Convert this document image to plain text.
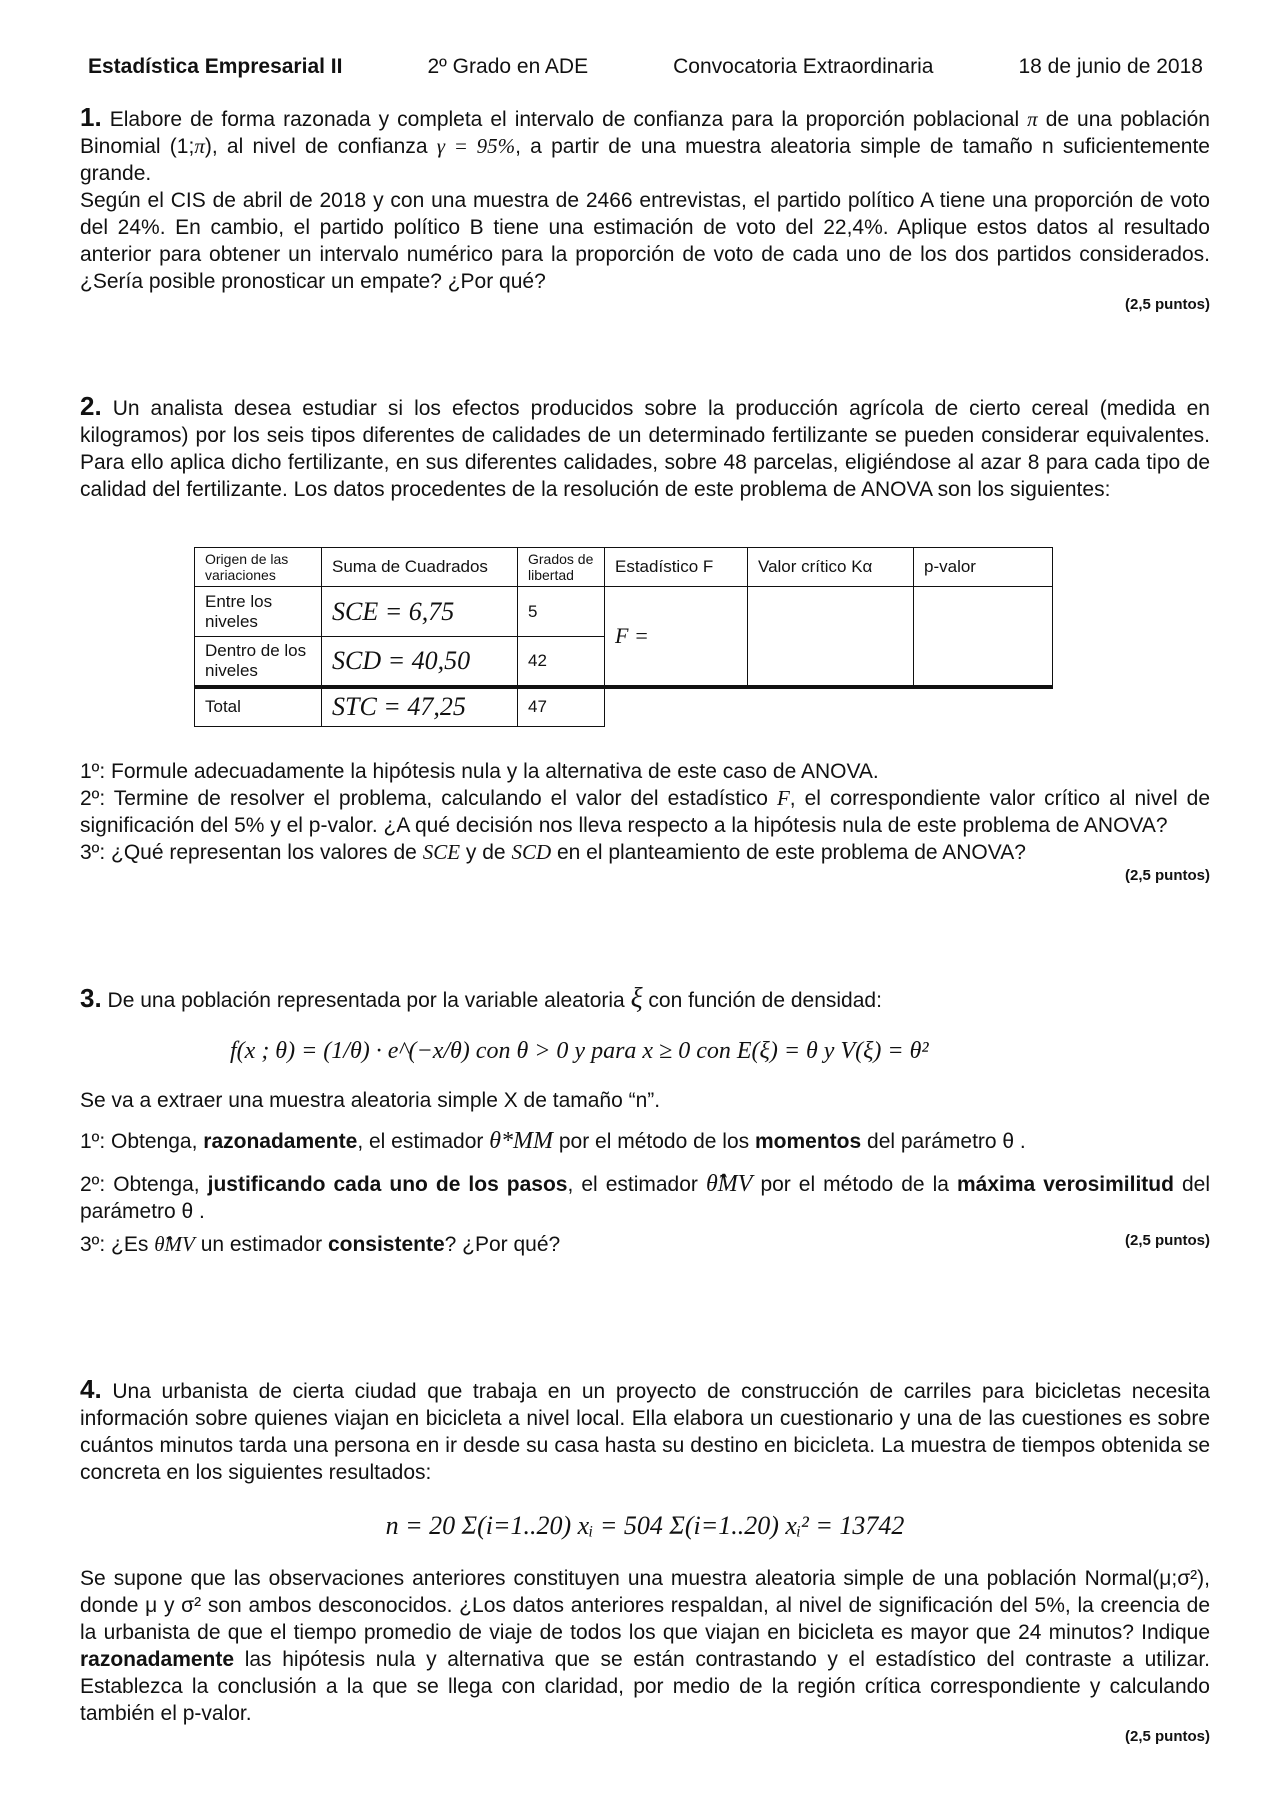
Estadística Empresarial II	2º Grado en ADE	Convocatoria Extraordinaria	18 de junio de 2018
1. Elabore de forma razonada y completa el intervalo de confianza para la proporción poblacional π de una población Binomial (1;π), al nivel de confianza γ = 95%, a partir de una muestra aleatoria simple de tamaño n suficientemente grande.
Según el CIS de abril de 2018 y con una muestra de 2466 entrevistas, el partido político A tiene una proporción de voto del 24%. En cambio, el partido político B tiene una estimación de voto del 22,4%. Aplique estos datos al resultado anterior para obtener un intervalo numérico para la proporción de voto de cada uno de los dos partidos considerados. ¿Sería posible pronosticar un empate? ¿Por qué?
(2,5 puntos)
2. Un analista desea estudiar si los efectos producidos sobre la producción agrícola de cierto cereal (medida en kilogramos) por los seis tipos diferentes de calidades de un determinado fertilizante se pueden considerar equivalentes. Para ello aplica dicho fertilizante, en sus diferentes calidades, sobre 48 parcelas, eligiéndose al azar 8 para cada tipo de calidad del fertilizante. Los datos procedentes de la resolución de este problema de ANOVA son los siguientes:
Origen de las variaciones	Suma de Cuadrados	Grados de libertad	Estadístico F	Valor crítico Kα	p-valor
Entre los niveles	SCE = 6,75	5	F =		
Dentro de los niveles	SCD = 40,50	42			
Total	STC = 47,25	47			
1º: Formule adecuadamente la hipótesis nula y la alternativa de este caso de ANOVA.
2º: Termine de resolver el problema, calculando el valor del estadístico F, el correspondiente valor crítico al nivel de significación del 5% y el p-valor. ¿A qué decisión nos lleva respecto a la hipótesis nula de este problema de ANOVA?
3º: ¿Qué representan los valores de SCE y de SCD en el planteamiento de este problema de ANOVA?
(2,5 puntos)
3. De una población representada por la variable aleatoria ξ con función de densidad:
f(x ; θ) = (1/θ) · e^(−x/θ) con θ > 0 y para x ≥ 0 con E(ξ) = θ y V(ξ) = θ²
Se va a extraer una muestra aleatoria simple X de tamaño “n”.
1º: Obtenga, razonadamente, el estimador θ*MM por el método de los momentos del parámetro θ .
2º: Obtenga, justificando cada uno de los pasos, el estimador θ̂MV por el método de la máxima verosimilitud del parámetro θ .
3º: ¿Es θ̂MV un estimador consistente? ¿Por qué?	(2,5 puntos)
4. Una urbanista de cierta ciudad que trabaja en un proyecto de construcción de carriles para bicicletas necesita información sobre quienes viajan en bicicleta a nivel local. Ella elabora un cuestionario y una de las cuestiones es sobre cuántos minutos tarda una persona en ir desde su casa hasta su destino en bicicleta. La muestra de tiempos obtenida se concreta en los siguientes resultados:
n = 20 Σ(i=1..20) xᵢ = 504 Σ(i=1..20) xᵢ² = 13742
Se supone que las observaciones anteriores constituyen una muestra aleatoria simple de una población Normal(μ;σ²), donde μ y σ² son ambos desconocidos. ¿Los datos anteriores respaldan, al nivel de significación del 5%, la creencia de la urbanista de que el tiempo promedio de viaje de todos los que viajan en bicicleta es mayor que 24 minutos? Indique razonadamente las hipótesis nula y alternativa que se están contrastando y el estadístico del contraste a utilizar. Establezca la conclusión a la que se llega con claridad, por medio de la región crítica correspondiente y calculando también el p-valor.
(2,5 puntos)
